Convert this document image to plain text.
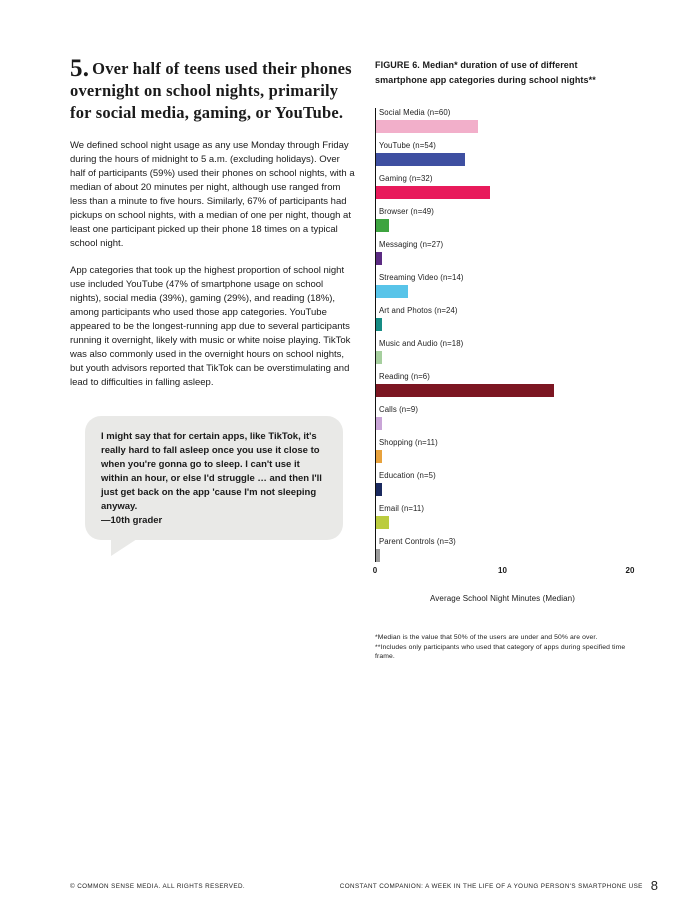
5. Over half of teens used their phones overnight on school nights, primarily for social media, gaming, or YouTube.

We defined school night usage as any use Monday through Friday during the hours of midnight to 5 a.m. (excluding holidays). Over half of participants (59%) used their phones on school nights, with a median of about 20 minutes per night, although use ranged from less than a minute to five hours. Similarly, 67% of participants had pickups on school nights, with a median of one per night, though at least one participant picked up their phone 18 times on a typical school night.

App categories that took up the highest proportion of school night use included YouTube (47% of smartphone usage on school nights), social media (39%), gaming (29%), and reading (18%), among participants who used those app categories. YouTube appeared to be the longest-running app due to several participants running it overnight, likely with music or white noise playing. TikTok was also commonly used in the overnight hours on school nights, but youth advisors reported that TikTok can be overstimulating and lead to difficulties in falling asleep.

I might say that for certain apps, like TikTok, it's really hard to fall asleep once you use it close to when you're gonna go to sleep. I can't use it within an hour, or else I'd struggle … and then I'll just get back on the app 'cause I'm not sleeping anyway.

—10th grader

FIGURE 6. Median* duration of use of different smartphone app categories during school nights**
Social Media (n=60)
YouTube (n=54)
Gaming (n=32)
Browser (n=49)
Messaging (n=27)
Streaming Video (n=14)
Art and Photos (n=24)
Music and Audio (n=18)
Reading (n=6)
Calls (n=9)
Shopping (n=11)
Education (n=5)
Email (n=11)
Parent Controls (n=3)
0	10	20
Average School Night Minutes (Median)

*Median is the value that 50% of the users are under and 50% are over.

**Includes only participants who used that category of apps during specified time frame.

© COMMON SENSE MEDIA. ALL RIGHTS RESERVED.	CONSTANT COMPANION: A WEEK IN THE LIFE OF A YOUNG PERSON'S SMARTPHONE USE 8
